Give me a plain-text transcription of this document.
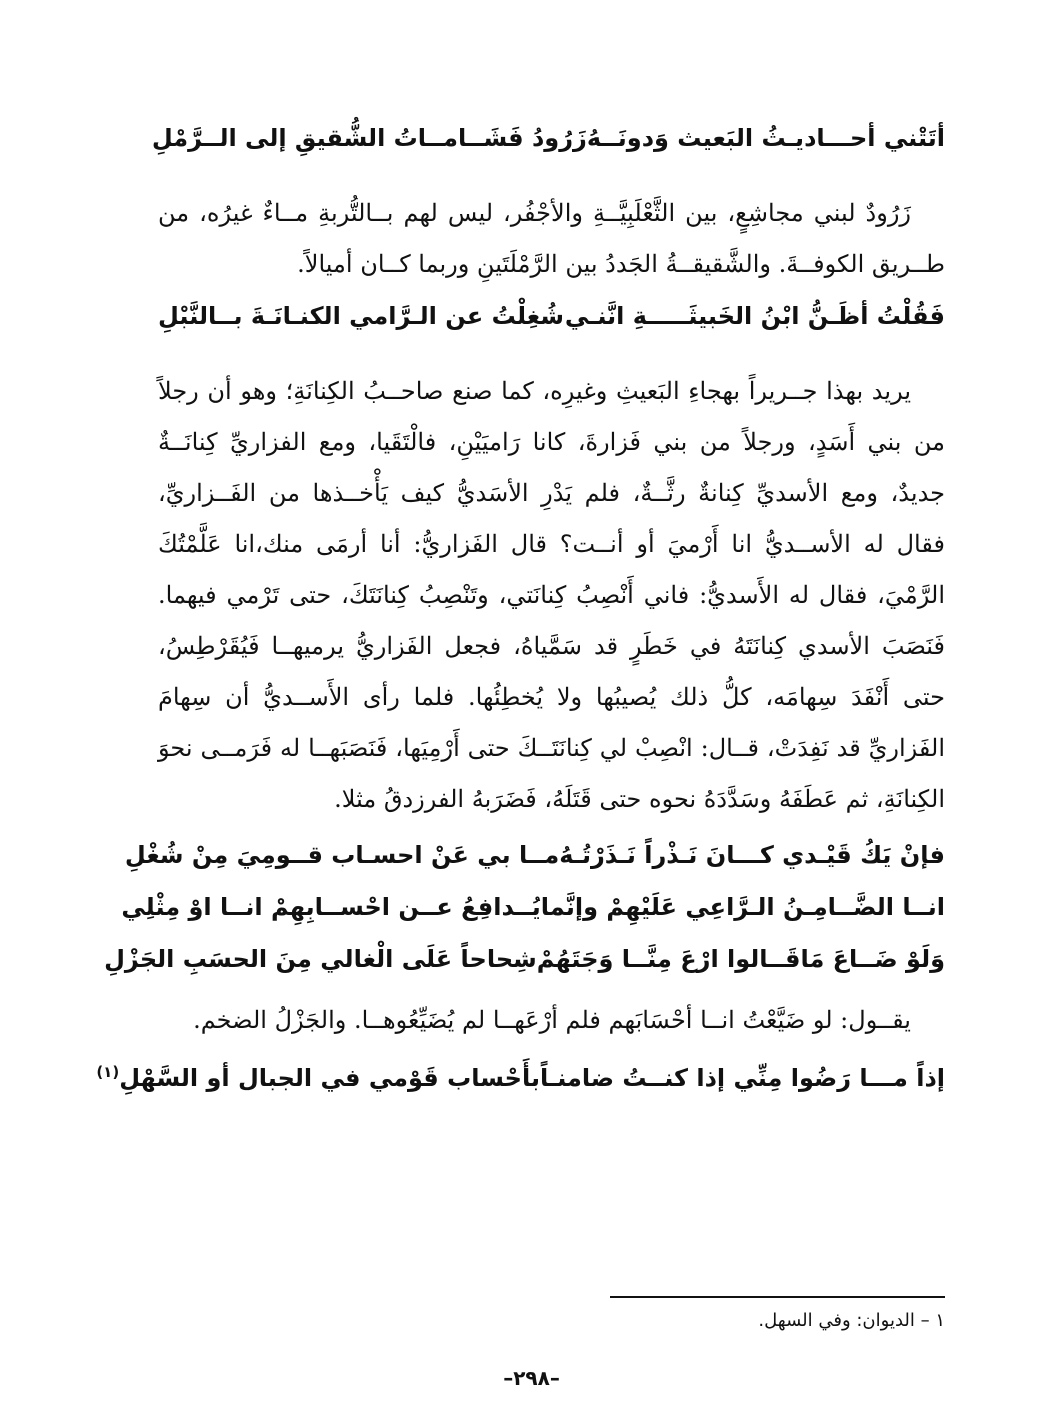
أتَتْني أحـــاديـثُ البَعيث وَدونَــهُ
زَرُودُ فَشَــامــاتُ الشُّقيقِ إلى الــرَّمْلِ

زَرُودٌ لبني مجاشِعٍ، بين الثَّعْلَبِيَّــةِ والأجْفُر، ليس لهم بــالتُّربةِ مــاءٌ غيرُه، من طــريق الكوفــةَ. والشَّقيقــةُ الجَددُ بين الرَّمْلَتَينِ وربما كــان أميالاً.

فَقُلْتُ أظَـنُّ ابْنُ الخَبيثَـــــةِ انَّنـي
شُغِلْتُ عن الـرَّامي الكنـانَـةَ بــالنَّبْلِ

يريد بهذا جــريراً بهجاءِ البَعيثِ وغيرِه، كما صنع صاحــبُ الكِنانَةِ؛ وهو أن رجلاً من بني أَسَدٍ، ورجلاً من بني فَزارةَ، كانا رَاميَيْنِ، فالْتَقَيا، ومع الفزاريِّ كِنانَــةٌ جديدٌ، ومع الأسديِّ كِنانةٌ رثَّــةٌ، فلم يَدْرِ الأسَديُّ كيف يَأْخــذها من الفَــزاريِّ، فقال له الأســديُّ انا أَرْميَ أو أنــت؟ قال الفَزاريُّ: أنا أرمَى منك،انا عَلَّمْتُكَ الرَّمْيَ، فقال له الأَسديُّ: فاني أَنْصِبُ كِنانَتي، وتَنْصِبُ كِنانَتَكَ، حتى تَرْمي فيهما. فَنَصَبَ الأسدي كِنانَتَهُ في خَطَرٍ قد سَمَّياهُ، فجعل الفَزاريُّ يرميهــا فَيُقَرْطِسُ، حتى أَنْفَدَ سِهامَه، كلُّ ذلك يُصيبُها ولا يُخطِئُها. فلما رأى الأَســديُّ أن سِهامَ الفَزاريِّ قد نَفِدَتْ، قــال: انْصِبْ لي كِنانَتَــكَ حتى أَرْمِيَها، فَنَصَبَهــا له فَرَمــى نحوَ الكِنانَةِ، ثم عَطَفَهُ وسَدَّدَهُ نحوه حتى قَتَلَهُ، فَضَرَبهُ الفرزدقُ مثلا.

فإنْ يَكُ قَيْـدي كـــانَ نَـذْراً نَـذَرْتُـهُ
مــا بي عَنْ احسـاب قــومِيَ مِنْ شُغْلِ
انــا الضَّــامِـنُ الـرَّاعِي عَلَيْهِمْ وإنَّما
يُــدافِعُ عــن احْســابِهِمْ انــا اوْ مِثْلِي
وَلَوْ ضَــاعَ مَاقَــالوا ارْعَ مِنَّــا وَجَتَهُمْ
شِحاحاً عَلَى الْغالي مِنَ الحسَبِ الجَزْلِ

يقــول: لو ضَيَّعْتُ انــا أحْسَابَهم فلم أرْعَهــا لم يُضَيِّعُوهــا. والجَزْلُ الضخم.

إذاً مـــا رَضُوا مِنِّي إذا كنــتُ ضامنـاً
بأَحْساب قَوْمي في الجبال أو السَّهْلِ$^{(١)}$
١ – الديوان: وفي السهل.
–٢٩٨–
